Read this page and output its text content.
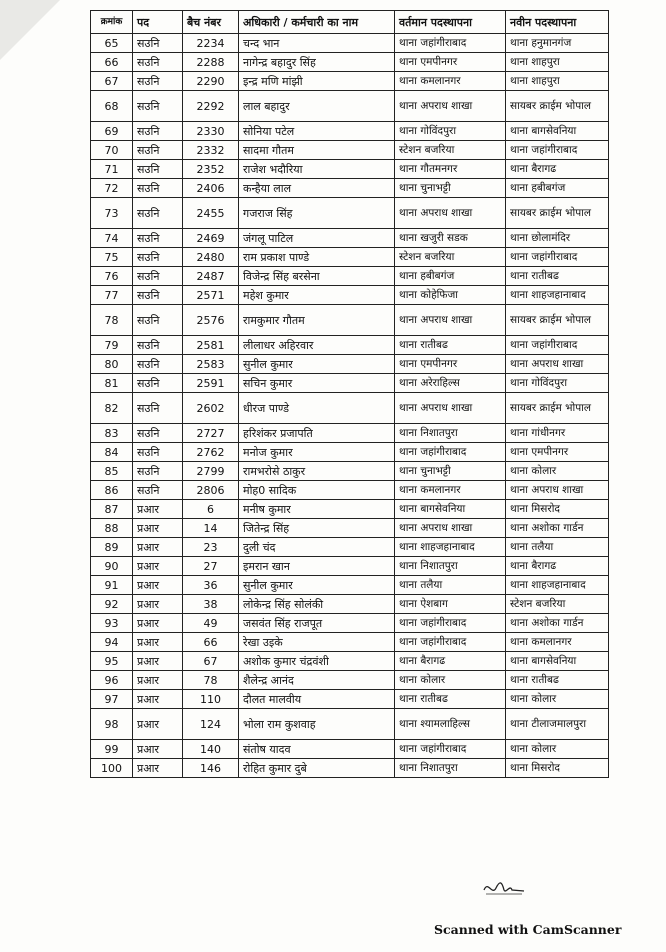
क्रमांक	पद	बैच नंबर	अधिकारी / कर्मचारी का नाम	वर्तमान पदस्थापना	नवीन पदस्थापना
65	सउनि	2234	चन्द भान	थाना जहांगीराबाद	थाना हनुमानगंज
66	सउनि	2288	नागेन्द्र बहादुर सिंह	थाना एमपीनगर	थाना शाहपुरा
67	सउनि	2290	इन्द्र मणि मांझी	थाना कमलानगर	थाना शाहपुरा
68	सउनि	2292	लाल बहादुर	थाना अपराध शाखा	सायबर क्राईम भोपाल
69	सउनि	2330	सोनिया पटेल	थाना गोविंदपुरा	थाना बागसेवनिया
70	सउनि	2332	सादमा गौतम	स्टेशन बजरिया	थाना जहांगीराबाद
71	सउनि	2352	राजेश भदौरिया	थाना गौतमनगर	थाना बैरागढ
72	सउनि	2406	कन्हैया लाल	थाना चुनाभट्टी	थाना हबीबगंज
73	सउनि	2455	गजराज सिंह	थाना अपराध शाखा	सायबर क्राईम भोपाल
74	सउनि	2469	जंगलू पाटिल	थाना खजुरी सडक	थाना छोलामंदिर
75	सउनि	2480	राम प्रकाश पाण्डे	स्टेशन बजरिया	थाना जहांगीराबाद
76	सउनि	2487	विजेन्द्र सिंह बरसेना	थाना हबीबगंज	थाना रातीबढ
77	सउनि	2571	महेश कुमार	थाना कोहेफिजा	थाना शाहजहानाबाद
78	सउनि	2576	रामकुमार गौतम	थाना अपराध शाखा	सायबर क्राईम भोपाल
79	सउनि	2581	लीलाधर अहिरवार	थाना रातीबढ	थाना जहांगीराबाद
80	सउनि	2583	सुनील कुमार	थाना एमपीनगर	थाना अपराध शाखा
81	सउनि	2591	सचिन कुमार	थाना अरेराहिल्स	थाना गोविंदपुरा
82	सउनि	2602	धीरज पाण्डे	थाना अपराध शाखा	सायबर क्राईम भोपाल
83	सउनि	2727	हरिशंकर प्रजापति	थाना निशातपुरा	थाना गांधीनगर
84	सउनि	2762	मनोज कुमार	थाना जहांगीराबाद	थाना एमपीनगर
85	सउनि	2799	रामभरोसे ठाकुर	थाना चुनाभट्टी	थाना कोलार
86	सउनि	2806	मोह0 सादिक	थाना कमलानगर	थाना अपराध शाखा
87	प्रआर	6	मनीष कुमार	थाना बागसेवनिया	थाना मिसरोद
88	प्रआर	14	जितेन्द्र सिंह	थाना अपराध शाखा	थाना अशोका गार्डन
89	प्रआर	23	दुली चंद	थाना शाहजहानाबाद	थाना तलैया
90	प्रआर	27	इमरान खान	थाना निशातपुरा	थाना बैरागढ
91	प्रआर	36	सुनील कुमार	थाना तलैया	थाना शाहजहानाबाद
92	प्रआर	38	लोकेन्द्र सिंह सोलंकी	थाना ऐशबाग	स्टेशन बजरिया
93	प्रआर	49	जसवंत सिंह राजपूत	थाना जहांगीराबाद	थाना अशोका गार्डन
94	प्रआर	66	रेखा उइके	थाना जहांगीराबाद	थाना कमलानगर
95	प्रआर	67	अशोक कुमार चंद्रवंशी	थाना बैरागढ	थाना बागसेवनिया
96	प्रआर	78	शैलेन्द्र आनंद	थाना कोलार	थाना रातीबढ
97	प्रआर	110	दौलत मालवीय	थाना रातीबढ	थाना कोलार
98	प्रआर	124	भोला राम कुशवाह	थाना श्यामलाहिल्स	थाना टीलाजमालपुरा
99	प्रआर	140	संतोष यादव	थाना जहांगीराबाद	थाना कोलार
100	प्रआर	146	रोहित कुमार दुबे	थाना निशातपुरा	थाना मिसरोद
Scanned with CamScanner
